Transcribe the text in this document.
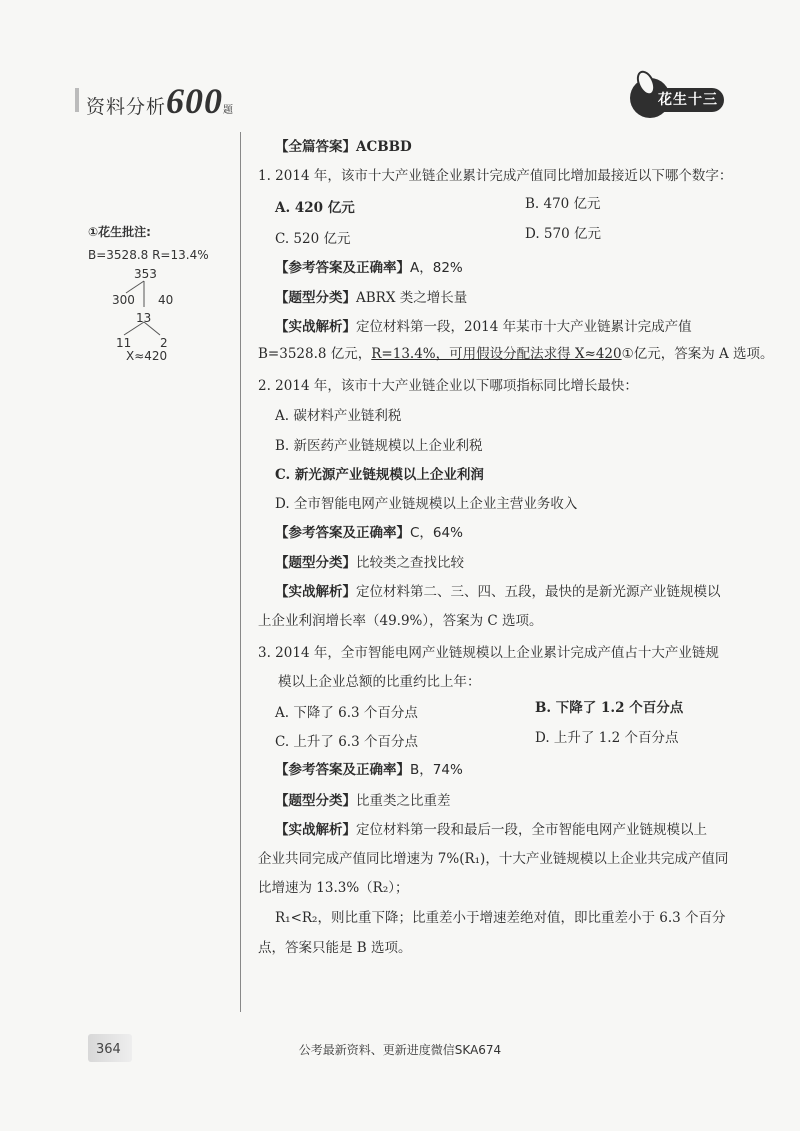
资料分析600题
花生十三
①花生批注:
B=3528.8 R=13.4%
353
300 40
13
11 2
X≈420
【全篇答案】ACBBD
1. 2014 年，该市十大产业链企业累计完成产值同比增加最接近以下哪个数字：
A. 420 亿元	B. 470 亿元
C. 520 亿元	D. 570 亿元
【参考答案及正确率】A，82%
【题型分类】ABRX 类之增长量
【实战解析】定位材料第一段，2014 年某市十大产业链累计完成产值
B=3528.8 亿元，R=13.4%，可用假设分配法求得 X≈420①亿元，答案为 A 选项。
2. 2014 年，该市十大产业链企业以下哪项指标同比增长最快：
A. 碳材料产业链利税
B. 新医药产业链规模以上企业利税
C. 新光源产业链规模以上企业利润
D. 全市智能电网产业链规模以上企业主营业务收入
【参考答案及正确率】C，64%
【题型分类】比较类之查找比较
【实战解析】定位材料第二、三、四、五段，最快的是新光源产业链规模以
上企业利润增长率（49.9%），答案为 C 选项。
3. 2014 年，全市智能电网产业链规模以上企业累计完成产值占十大产业链规
模以上企业总额的比重约比上年：
A. 下降了 6.3 个百分点	B. 下降了 1.2 个百分点
C. 上升了 6.3 个百分点	D. 上升了 1.2 个百分点
【参考答案及正确率】B，74%
【题型分类】比重类之比重差
【实战解析】定位材料第一段和最后一段，全市智能电网产业链规模以上
企业共同完成产值同比增速为 7%(R₁)，十大产业链规模以上企业共完成产值同
比增速为 13.3%（R₂）；
R₁<R₂，则比重下降；比重差小于增速差绝对值，即比重差小于 6.3 个百分
点，答案只能是 B 选项。
364	公考最新资料、更新进度微信SKA674
